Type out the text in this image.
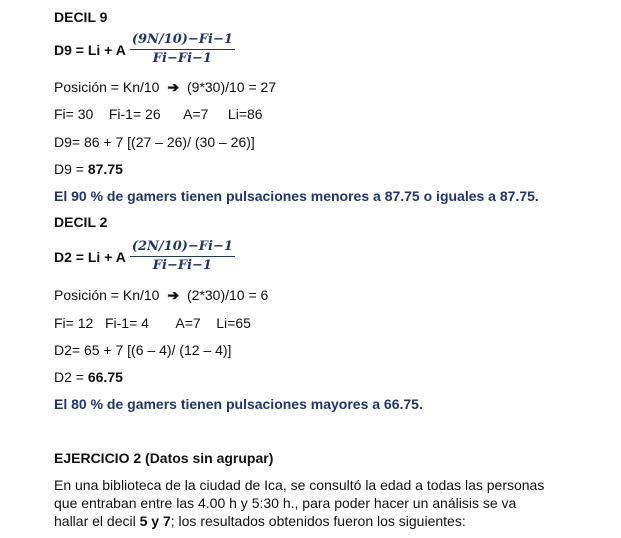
DECIL 9
D9 = Li + A $\frac{(9N/10)-Fi-1}{Fi-Fi-1}$
Posición = Kn/10 ➔ (9*30)/10 = 27
Fi= 30    Fi-1= 26      A=7     Li=86
D9= 86 + 7 [(27 – 26)/ (30 – 26)]
D9 = 87.75
El 90 % de gamers tienen pulsaciones menores a 87.75 o iguales a 87.75.
DECIL 2
D2 = Li + A $\frac{(2N/10)-Fi-1}{Fi-Fi-1}$
Posición = Kn/10 ➔ (2*30)/10 = 6
Fi= 12   Fi-1= 4       A=7    Li=65
D2= 65 + 7 [(6 – 4)/ (12 – 4)]
D2 = 66.75
El 80 % de gamers tienen pulsaciones mayores a 66.75.
EJERCICIO 2 (Datos sin agrupar)
En una biblioteca de la ciudad de Ica, se consultó la edad a todas las personas
que entraban entre las 4.00 h y 5:30 h., para poder hacer un análisis se va
hallar el decil 5 y 7; los resultados obtenidos fueron los siguientes:
